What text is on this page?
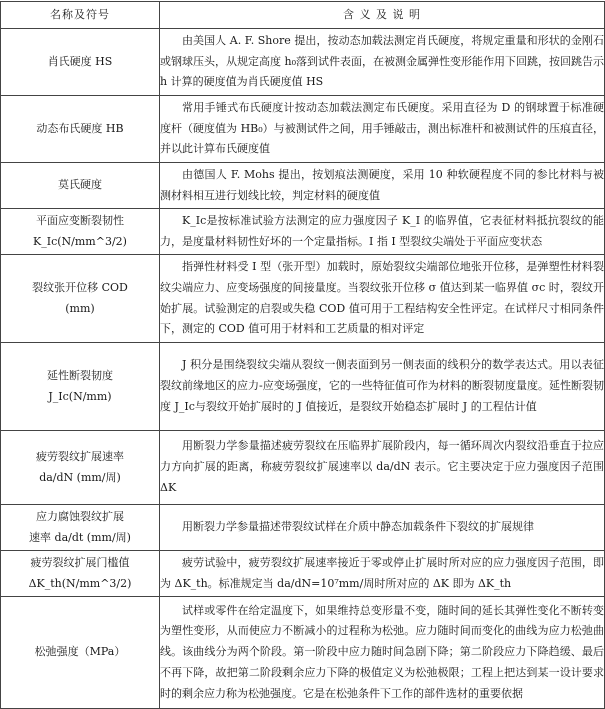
名称及符号	含 义 及 说 明
肖氏硬度 HS	由美国人 A. F. Shore 提出，按动态加载法测定肖氏硬度，将规定重量和形状的金刚石或钢球压头，从规定高度 h₀落到试件表面，在被测金属弹性变形能作用下回跳，按回跳告示 h 计算的硬度值为肖氏硬度值 HS

动态布氏硬度 HB	常用手锤式布氏硬度计按动态加载法测定布氏硬度。采用直径为 D 的钢球置于标准硬度杆（硬度值为 HB₀）与被测试件之间，用手锤敲击，测出标准杆和被测试件的压痕直径，并以此计算布氏硬度值

莫氏硬度	由德国人 F. Mohs 提出，按划痕法测硬度，采用 10 种软硬程度不同的参比材料与被测材料相互进行划线比较，判定材料的硬度值

平面应变断裂韧性
K_Ic(N/mm^3/2)	K_Ic是按标准试验方法测定的应力强度因子 K_I 的临界值，它表征材料抵抗裂纹的能力，是度量材料韧性好坏的一个定量指标。I 指 I 型裂纹尖端处于平面应变状态

裂纹张开位移 COD
(mm)	指弹性材料受 I 型（张开型）加载时，原始裂纹尖端部位地张开位移，是弹塑性材料裂纹尖端应力、应变场强度的间接量度。当裂纹张开位移 σ 值达到某一临界值 σc 时，裂纹开始扩展。试验测定的启裂或失稳 COD 值可用于工程结构安全性评定。在试样尺寸相同条件下，测定的 COD 值可用于材料和工艺质量的相对评定

延性断裂韧度
J_Ic(N/mm)	J 积分是围绕裂纹尖端从裂纹一侧表面到另一侧表面的线积分的数学表达式。用以表征裂纹前缘地区的应力-应变场强度，它的一些特征值可作为材料的断裂韧度量度。延性断裂韧度 J_Ic与裂纹开始扩展时的 J 值接近，是裂纹开始稳态扩展时 J 的工程估计值

疲劳裂纹扩展速率
da/dN (mm/周)	用断裂力学参量描述疲劳裂纹在压临界扩展阶段内，每一循环周次内裂纹沿垂直于拉应力方向扩展的距离，称疲劳裂纹扩展速率以 da/dN 表示。它主要决定于应力强度因子范围 ΔK

应力腐蚀裂纹扩展
速率 da/dt (mm/周)	用断裂力学参量描述带裂纹试样在介质中静态加载条件下裂纹的扩展规律

疲劳裂纹扩展门槛值
ΔK_th(N/mm^3/2)	疲劳试验中，疲劳裂纹扩展速率接近于零或停止扩展时所对应的应力强度因子范围，即为 ΔK_th。标准规定当 da/dN=10⁷mm/周时所对应的 ΔK 即为 ΔK_th

松弛强度（MPa）	试样或零件在给定温度下，如果维持总变形量不变，随时间的延长其弹性变化不断转变为塑性变形，从而使应力不断减小的过程称为松弛。应力随时间而变化的曲线为应力松弛曲线。该曲线分为两个阶段。第一阶段中应力随时间急剧下降；第二阶段应力下降趋缓、最后不再下降，故把第二阶段剩余应力下降的极值定义为松弛极限；工程上把达到某一设计要求时的剩余应力称为松弛强度。它是在松弛条件下工作的部件选材的重要依据
